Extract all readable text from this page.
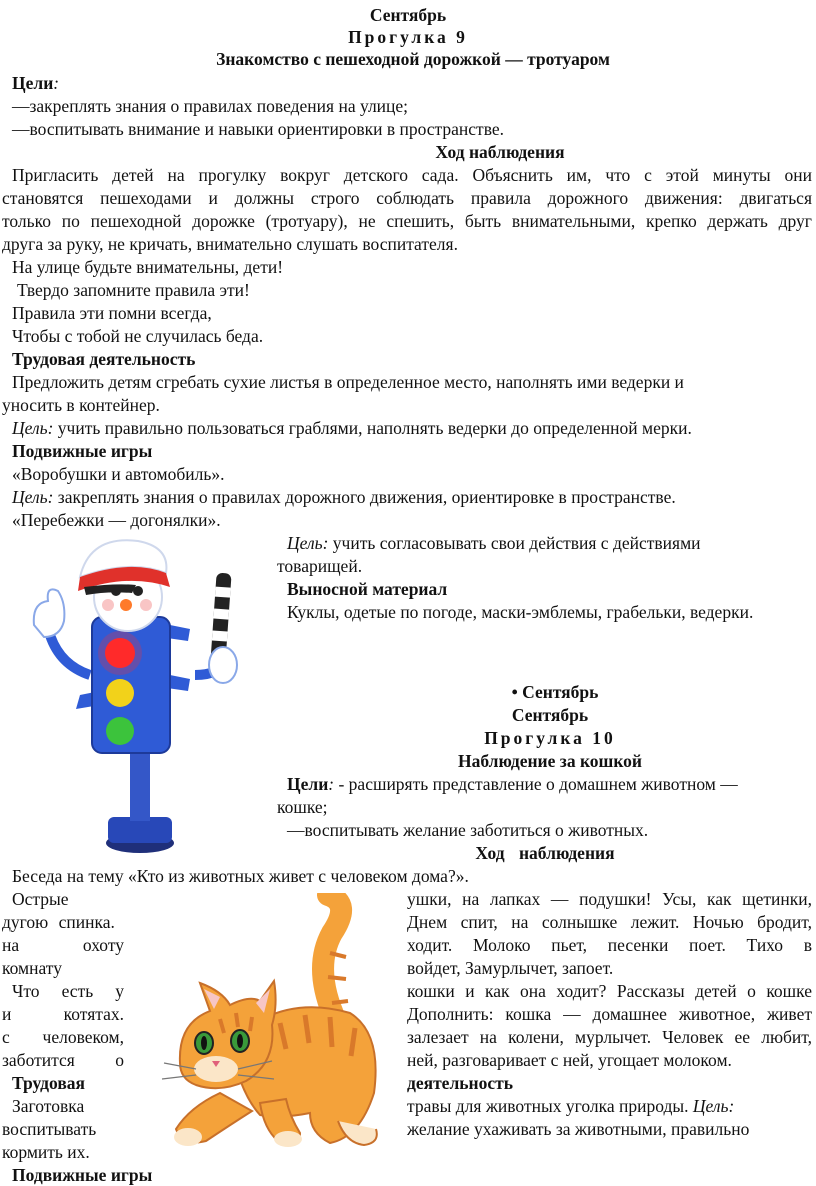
Сентябрь
Прогулка 9
Знакомство с пешеходной дорожкой — тротуаром
Цели:
—закреплять знания о правилах поведения на улице;
—воспитывать внимание и навыки ориентировки в пространстве.
Ход наблюдения
Пригласить детей на прогулку вокруг детского сада. Объяснить им, что с этой минуты они
становятся пешеходами и должны строго соблюдать правила дорожного движения: двигаться
только по пешеходной дорожке (тротуару), не спешить, быть внимательными, крепко держать друг
друга за руку, не кричать, внимательно слушать воспитателя.
На улице будьте внимательны, дети!
Твердо запомните правила эти!
Правила эти помни всегда,
Чтобы с тобой не случилась беда.
Трудовая деятельность
Предложить детям сгребать сухие листья в определенное место, наполнять ими ведерки и
уносить в контейнер.
Цель: учить правильно пользоваться граблями, наполнять ведерки до определенной мерки.
Подвижные игры
«Воробушки и автомобиль».
Цель: закреплять знания о правилах дорожного движения, ориентировке в пространстве.
«Перебежки — догонялки».
Цель: учить согласовывать свои действия с действиями
товарищей.
Выносной материал
Куклы, одетые по погоде, маски-эмблемы, грабельки, ведерки.
• Сентябрь
Сентябрь
Прогулка 10
Наблюдение за кошкой
Цели: - расширять представление о домашнем животном —
кошке;
—воспитывать желание заботиться о животных.
Ход наблюдения
Беседа на тему «Кто из животных живет с человеком дома?».
Острые
дугою спинка.
на охоту
комнату
Что есть у
и котятах.
с человеком,
заботится о
Трудовая
Заготовка
воспитывать
кормить их.
Подвижные игры
ушки, на лапках — подушки! Усы, как щетинки,
Днем спит, на солнышке лежит. Ночью бродит,
ходит. Молоко пьет, песенки поет. Тихо в
войдет, Замурлычет, запоет.
кошки и как она ходит? Рассказы детей о кошке
Дополнить: кошка — домашнее животное, живет
залезает на колени, мурлычет. Человек ее любит,
ней, разговаривает с ней, угощает молоком.
деятельность
травы для животных уголка природы. Цель:
желание ухаживать за животными, правильно
